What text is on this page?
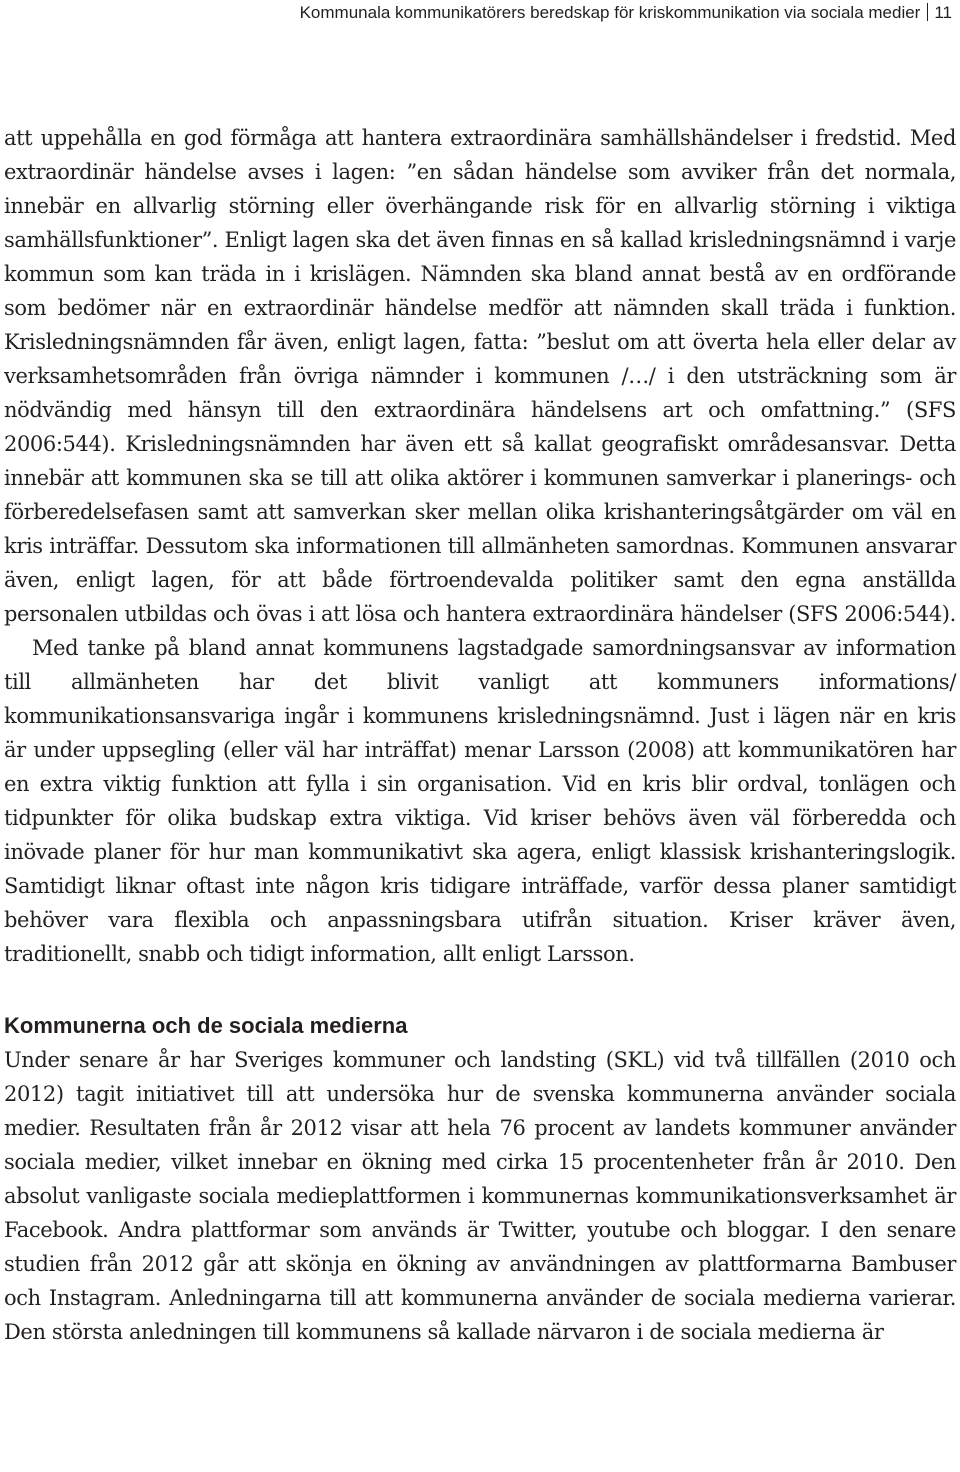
Kommunala kommunikatörers beredskap för kriskommunikation via sociala medier 11

att uppehålla en god förmåga att hantera extraordinära samhällshändelser i fredstid. Med extraordinär händelse avses i lagen: ”en sådan händelse som avviker från det normala, innebär en allvarlig störning eller överhängande risk för en allvarlig störning i viktiga samhällsfunktioner”. Enligt lagen ska det även finnas en så kallad krisledningsnämnd i varje kommun som kan träda in i krislägen. Nämnden ska bland annat bestå av en ordförande som bedömer när en extraordinär händelse medför att nämnden skall träda i funktion. Krisledningsnämnden får även, enligt lagen, fatta: ”beslut om att överta hela eller delar av verksamhetsområden från övriga nämnder i kommunen /…/ i den utsträckning som är nödvändig med hänsyn till den extraordinära händelsens art och omfattning.” (SFS 2006:544). Krisledningsnämnden har även ett så kallat geografiskt områdesansvar. Detta innebär att kommunen ska se till att olika aktörer i kommunen samverkar i planerings- och förberedelsefasen samt att samverkan sker mellan olika krishanteringsåtgärder om väl en kris inträffar. Dessutom ska informationen till allmänheten samordnas. Kommunen ansvarar även, enligt lagen, för att både förtroendevalda politiker samt den egna anställda personalen utbildas och övas i att lösa och hantera extraordinära händelser (SFS 2006:544).

Med tanke på bland annat kommunens lagstadgade samordningsansvar av information till allmänheten har det blivit vanligt att kommuners informations/ kommunikationsansvariga ingår i kommunens krisledningsnämnd. Just i lägen när en kris är under uppsegling (eller väl har inträffat) menar Larsson (2008) att kommunikatören har en extra viktig funktion att fylla i sin organisation. Vid en kris blir ordval, tonlägen och tidpunkter för olika budskap extra viktiga. Vid kriser behövs även väl förberedda och inövade planer för hur man kommunikativt ska agera, enligt klassisk krishanteringslogik. Samtidigt liknar oftast inte någon kris tidigare inträffade, varför dessa planer samtidigt behöver vara flexibla och anpassningsbara utifrån situation. Kriser kräver även, traditionellt, snabb och tidigt information, allt enligt Larsson.

Kommunerna och de sociala medierna

Under senare år har Sveriges kommuner och landsting (SKL) vid två tillfällen (2010 och 2012) tagit initiativet till att undersöka hur de svenska kommunerna använder sociala medier. Resultaten från år 2012 visar att hela 76 procent av landets kommuner använder sociala medier, vilket innebar en ökning med cirka 15 procentenheter från år 2010. Den absolut vanligaste sociala medieplattformen i kommunernas kommunikationsverksamhet är Facebook. Andra plattformar som används är Twitter, youtube och bloggar. I den senare studien från 2012 går att skönja en ökning av användningen av plattformarna Bambuser och Instagram. Anledningarna till att kommunerna använder de sociala medierna varierar. Den största anledningen till kommunens så kallade närvaron i de sociala medierna är
